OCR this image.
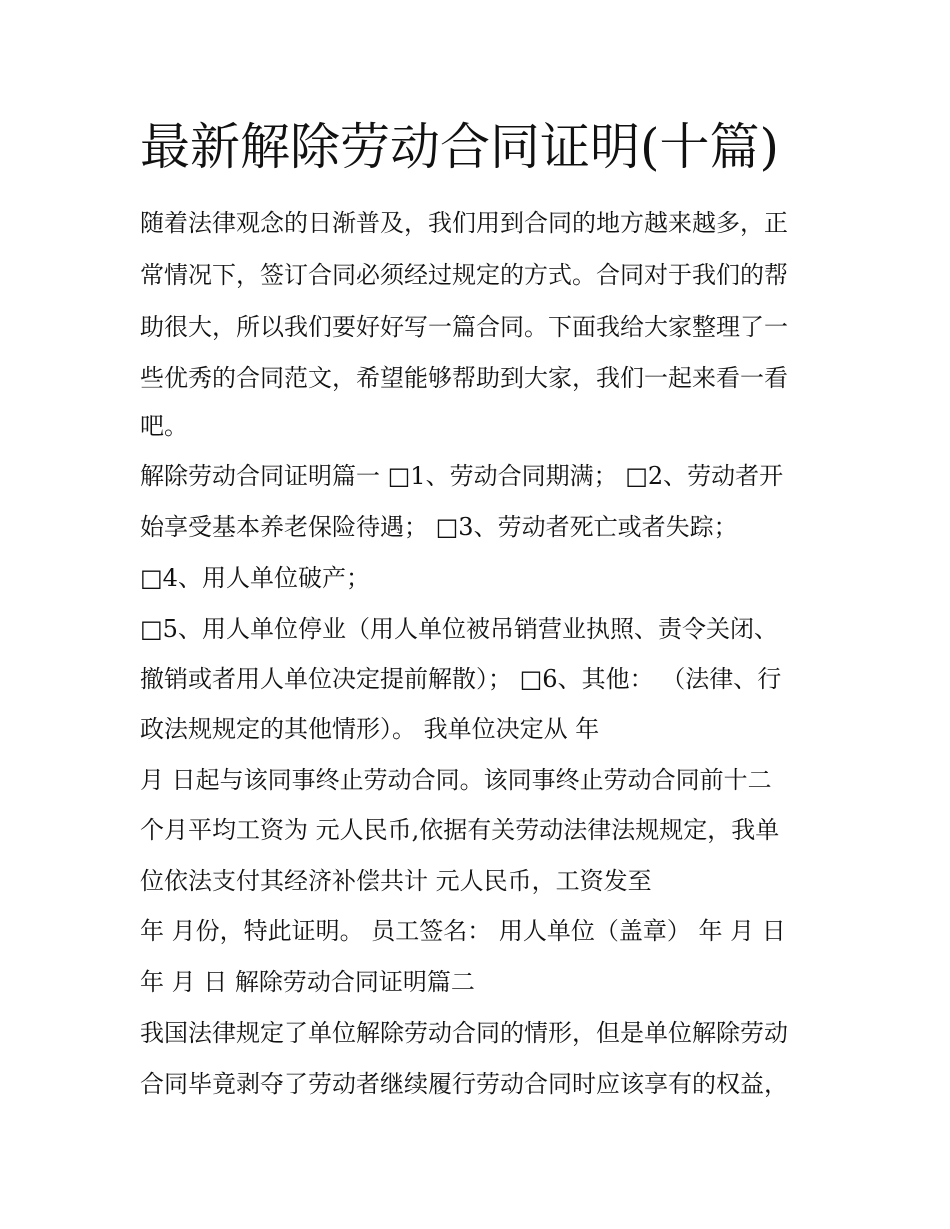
最新解除劳动合同证明(十篇)
随着法律观念的日渐普及，我们用到合同的地方越来越多，正
常情况下，签订合同必须经过规定的方式。合同对于我们的帮
助很大，所以我们要好好写一篇合同。下面我给大家整理了一
些优秀的合同范文，希望能够帮助到大家，我们一起来看一看
吧。
解除劳动合同证明篇一 □1、劳动合同期满； □2、劳动者开
始享受基本养老保险待遇； □3、劳动者死亡或者失踪；
□4、用人单位破产；
□5、用人单位停业（用人单位被吊销营业执照、责令关闭、
撤销或者用人单位决定提前解散）； □6、其他： （法律、行
政法规规定的其他情形）。 我单位决定从 年
月 日起与该同事终止劳动合同。该同事终止劳动合同前十二
个月平均工资为 元人民币,依据有关劳动法律法规规定，我单
位依法支付其经济补偿共计 元人民币，工资发至
年 月份，特此证明。 员工签名： 用人单位（盖章） 年 月 日
年 月 日 解除劳动合同证明篇二
我国法律规定了单位解除劳动合同的情形，但是单位解除劳动
合同毕竟剥夺了劳动者继续履行劳动合同时应该享有的权益，
